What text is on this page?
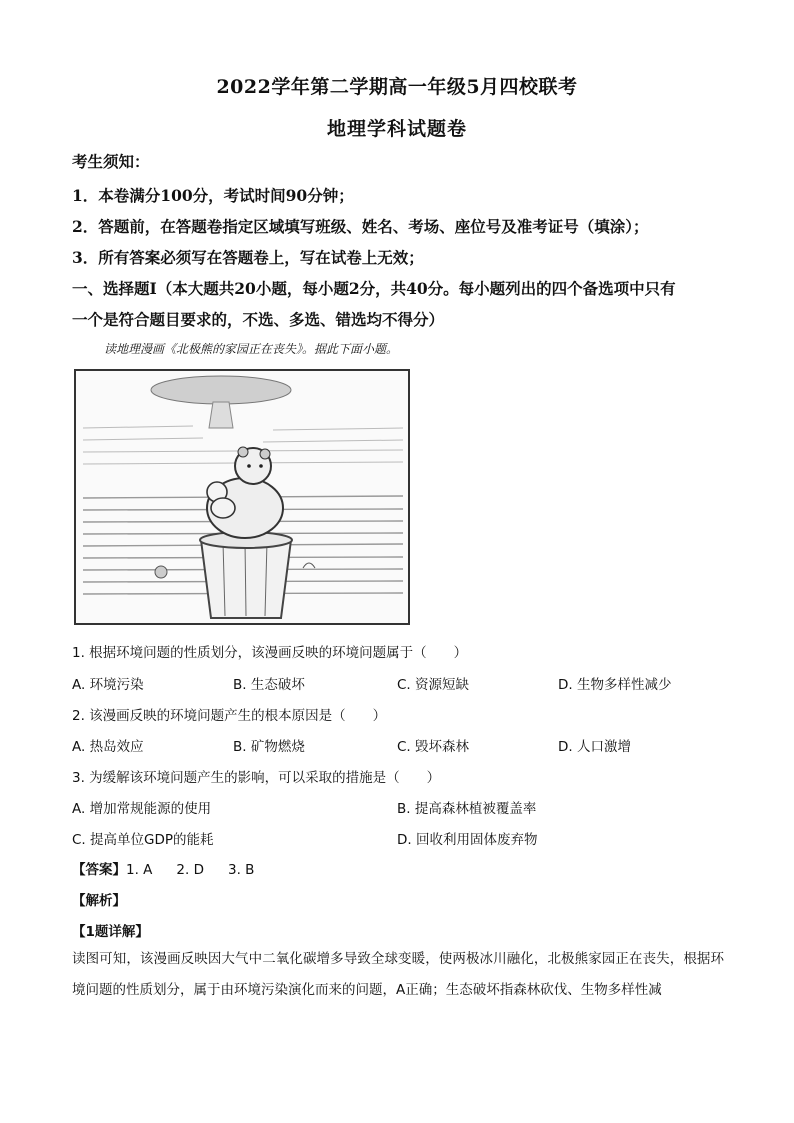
2022学年第二学期高一年级5月四校联考
地理学科试题卷
考生须知：
1．本卷满分100分，考试时间90分钟；
2．答题前，在答题卷指定区域填写班级、姓名、考场、座位号及准考证号（填涂）；
3．所有答案必须写在答题卷上，写在试卷上无效；
一、选择题Ⅰ（本大题共20小题，每小题2分，共40分。每小题列出的四个备选项中只有
一个是符合题目要求的，不选、多选、错选均不得分）
读地理漫画《北极熊的家园正在丧失》。据此下面小题。
1. 根据环境问题的性质划分，该漫画反映的环境问题属于（　　）
A. 环境污染	B. 生态破坏	C. 资源短缺	D. 生物多样性减少
2. 该漫画反映的环境问题产生的根本原因是（　　）
A. 热岛效应	B. 矿物燃烧	C. 毁坏森林	D. 人口激增
3. 为缓解该环境问题产生的影响，可以采取的措施是（　　）
A. 增加常规能源的使用	B. 提高森林植被覆盖率
C. 提高单位GDP的能耗	D. 回收利用固体废弃物
【答案】1. A 2. D 3. B
【解析】
【1题详解】
读图可知，该漫画反映因大气中二氧化碳增多导致全球变暖，使两极冰川融化，北极熊家园正在丧失，根据环境问题的性质划分，属于由环境污染演化而来的问题，A正确；生态破坏指森林砍伐、生物多样性减
